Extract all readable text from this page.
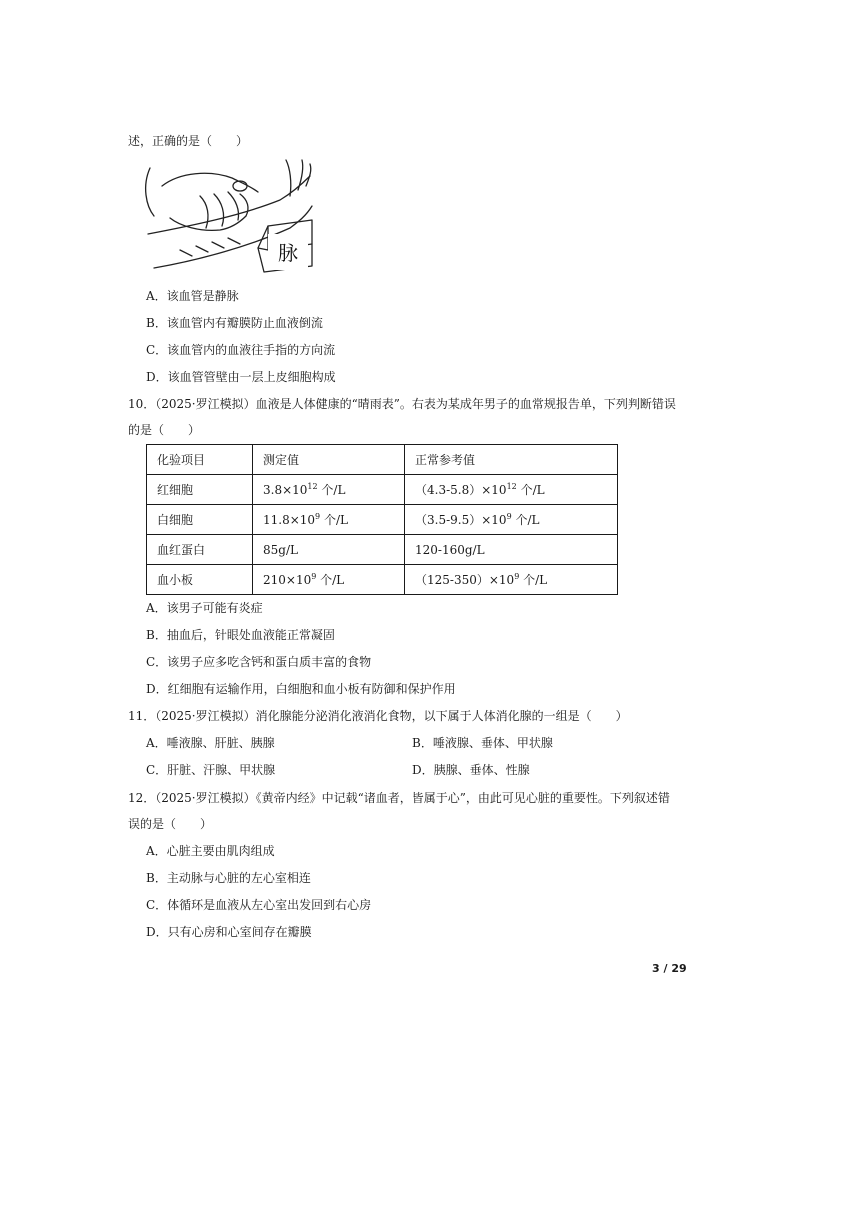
述，正确的是（　　）
脉
A．该血管是静脉
B．该血管内有瓣膜防止血液倒流
C．该血管内的血液往手指的方向流
D．该血管管壁由一层上皮细胞构成
10．（2025·罗江模拟）血液是人体健康的“晴雨表”。右表为某成年男子的血常规报告单，下列判断错误
的是（　　）
化验项目	测定值	正常参考值
红细胞	$3.8\times 10^{12}$ 个/L	$(4.3-5.8)\times 10^{12}$ 个/L
白细胞	$11.8\times 10^9$ 个/L	$(3.5-9.5)\times 10^9$ 个/L
血红蛋白	85g/L	120-160g/L
血小板	$210\times 10^9$ 个/L	$(125-350)\times 10^9$ 个/L
A．该男子可能有炎症
B．抽血后，针眼处血液能正常凝固
C．该男子应多吃含钙和蛋白质丰富的食物
D．红细胞有运输作用，白细胞和血小板有防御和保护作用
11．（2025·罗江模拟）消化腺能分泌消化液消化食物，以下属于人体消化腺的一组是（　　）
A．唾液腺、肝脏、胰腺	B．唾液腺、垂体、甲状腺
C．肝脏、汗腺、甲状腺	D．胰腺、垂体、性腺
12．（2025·罗江模拟）《黄帝内经》中记载“诸血者，皆属于心”，由此可见心脏的重要性。下列叙述错
误的是（　　）
A．心脏主要由肌肉组成
B．主动脉与心脏的左心室相连
C．体循环是血液从左心室出发回到右心房
D．只有心房和心室间存在瓣膜
3 / 29
